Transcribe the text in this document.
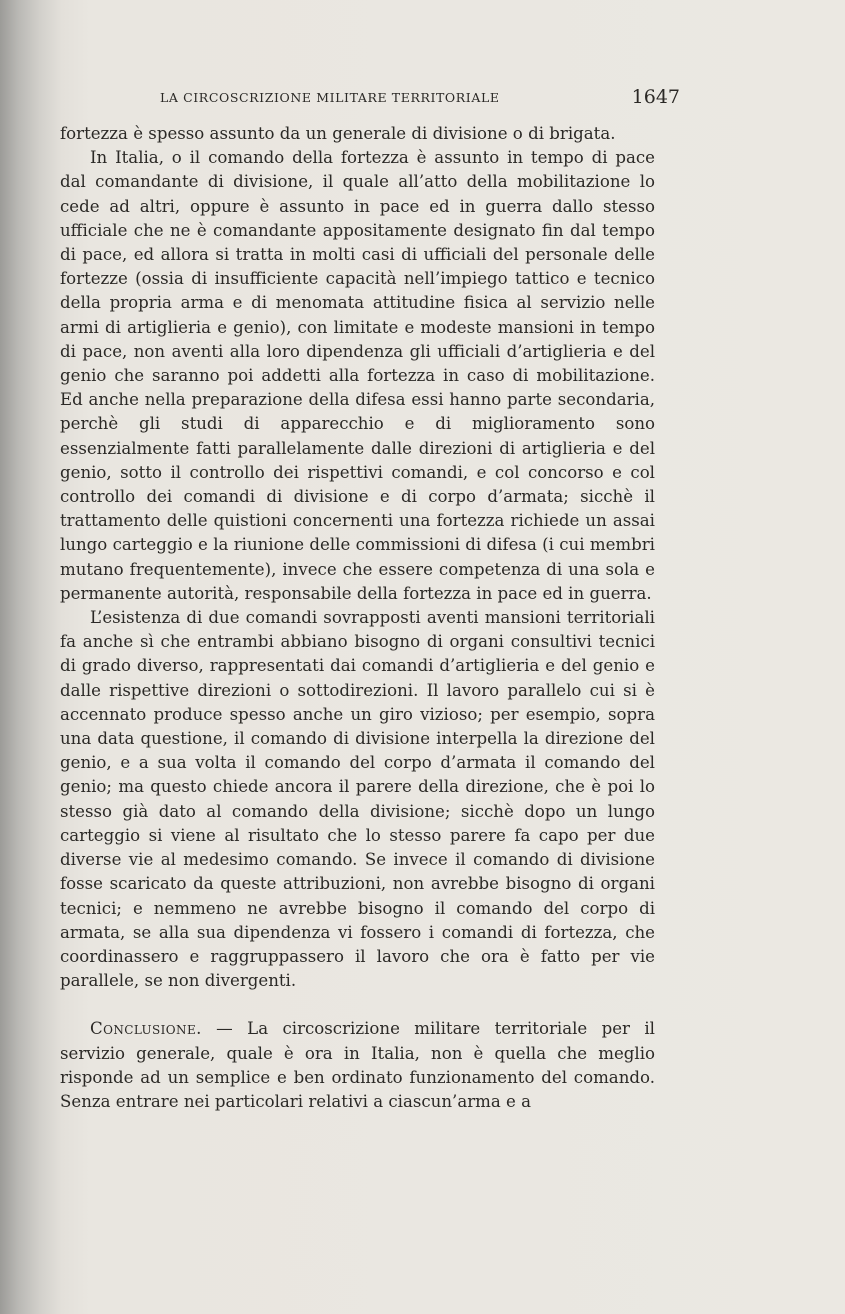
LA CIRCOSCRIZIONE MILITARE TERRITORIALE	1647

fortezza è spesso assunto da un generale di divisione o di brigata.

In Italia, o il comando della fortezza è assunto in tempo di pace dal comandante di divisione, il quale all’atto della mobilitazione lo cede ad altri, oppure è assunto in pace ed in guerra dallo stesso ufficiale che ne è comandante appositamente designato fin dal tempo di pace, ed allora si tratta in molti casi di ufficiali del personale delle fortezze (ossia di insufficiente capacità nell’impiego tattico e tecnico della propria arma e di menomata attitudine fisica al servizio nelle armi di artiglieria e genio), con limitate e modeste mansioni in tempo di pace, non aventi alla loro dipendenza gli ufficiali d’artiglieria e del genio che saranno poi addetti alla fortezza in caso di mobilitazione. Ed anche nella preparazione della difesa essi hanno parte secondaria, perchè gli studi di apparecchio e di miglioramento sono essenzialmente fatti parallelamente dalle direzioni di artiglieria e del genio, sotto il controllo dei rispettivi comandi, e col concorso e col controllo dei comandi di divisione e di corpo d’armata; sicchè il trattamento delle quistioni concernenti una fortezza richiede un assai lungo carteggio e la riunione delle commissioni di difesa (i cui membri mutano frequentemente), invece che essere competenza di una sola e permanente autorità, responsabile della fortezza in pace ed in guerra.

L’esistenza di due comandi sovrapposti aventi mansioni territoriali fa anche sì che entrambi abbiano bisogno di organi consultivi tecnici di grado diverso, rappresentati dai comandi d’artiglieria e del genio e dalle rispettive direzioni o sottodirezioni. Il lavoro parallelo cui si è accennato produce spesso anche un giro vizioso; per esempio, sopra una data questione, il comando di divisione interpella la direzione del genio, e a sua volta il comando del corpo d’armata il comando del genio; ma questo chiede ancora il parere della direzione, che è poi lo stesso già dato al comando della divisione; sicchè dopo un lungo carteggio si viene al risultato che lo stesso parere fa capo per due diverse vie al medesimo comando. Se invece il comando di divisione fosse scaricato da queste attribuzioni, non avrebbe bisogno di organi tecnici; e nemmeno ne avrebbe bisogno il comando del corpo di armata, se alla sua dipendenza vi fossero i comandi di fortezza, che coordinassero e raggruppassero il lavoro che ora è fatto per vie parallele, se non divergenti.

Conclusione. — La circoscrizione militare territoriale per il servizio generale, quale è ora in Italia, non è quella che meglio risponde ad un semplice e ben ordinato funzionamento del comando. Senza entrare nei particolari relativi a ciascun’arma e a
